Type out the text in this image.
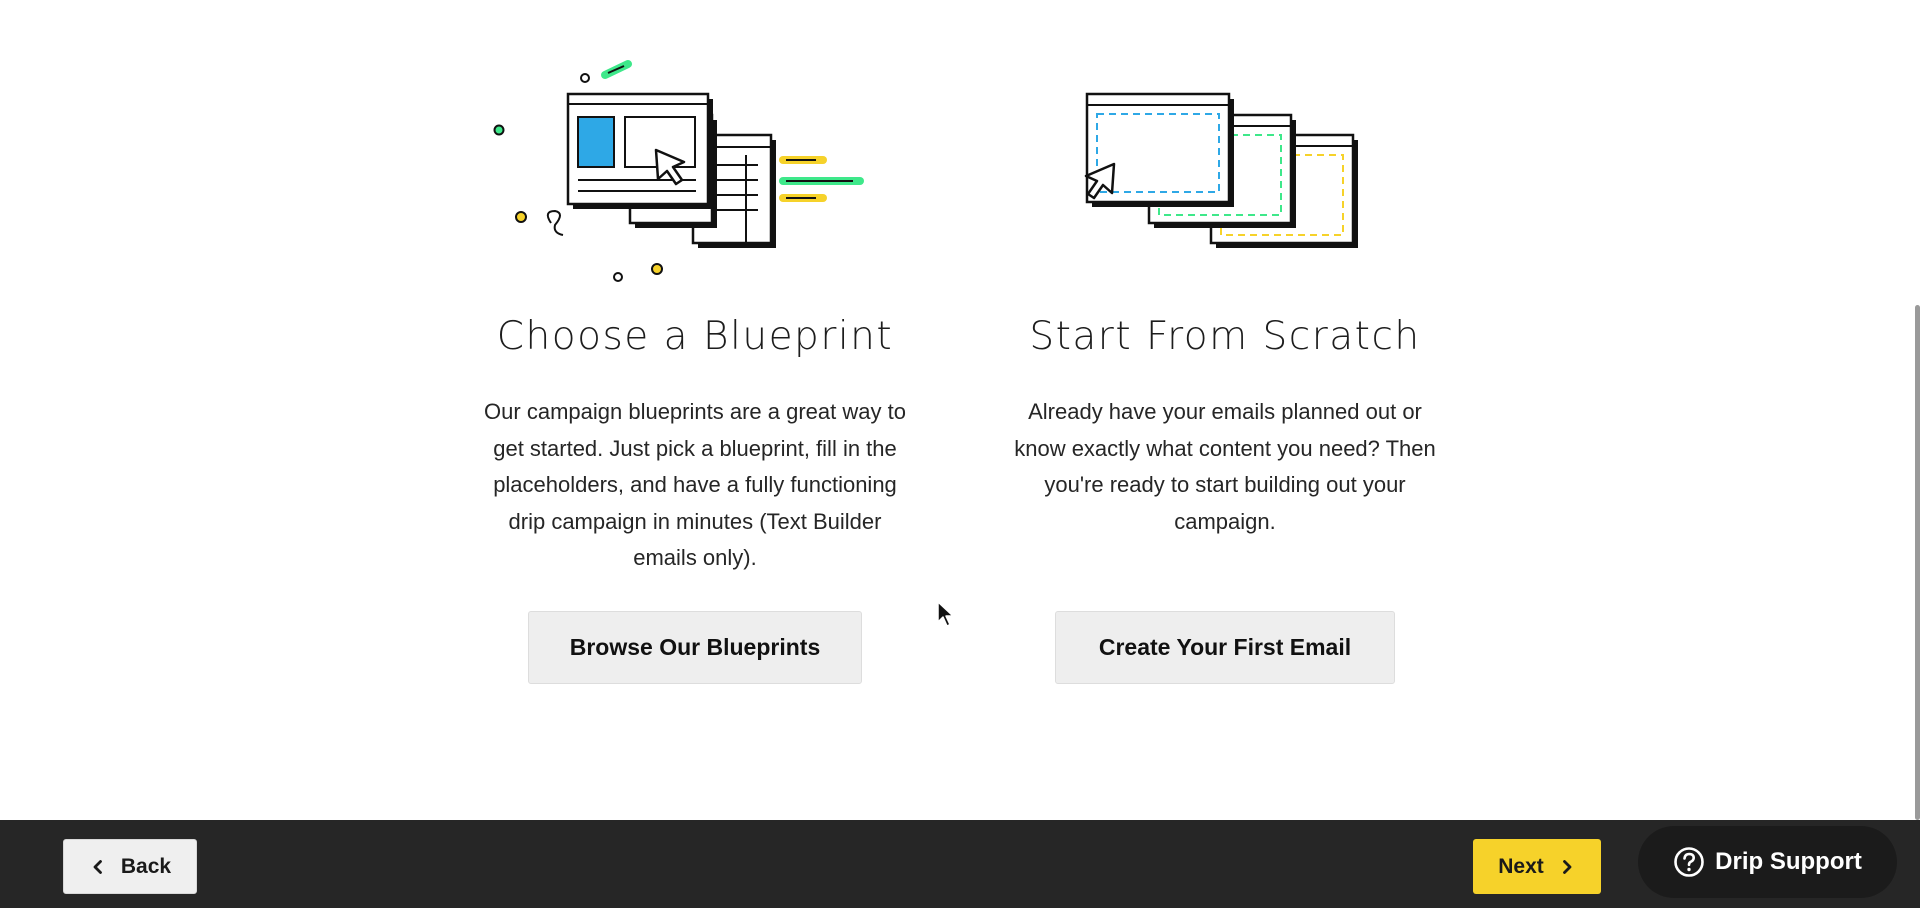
Choose a Blueprint
Our campaign blueprints are a great way to get started. Just pick a blueprint, fill in the placeholders, and have a fully functioning drip campaign in minutes (Text Builder emails only).
Browse Our Blueprints
Start From Scratch
Already have your emails planned out or know exactly what content you need? Then you're ready to start building out your campaign.
Create Your First Email
Back	Next	Drip Support
